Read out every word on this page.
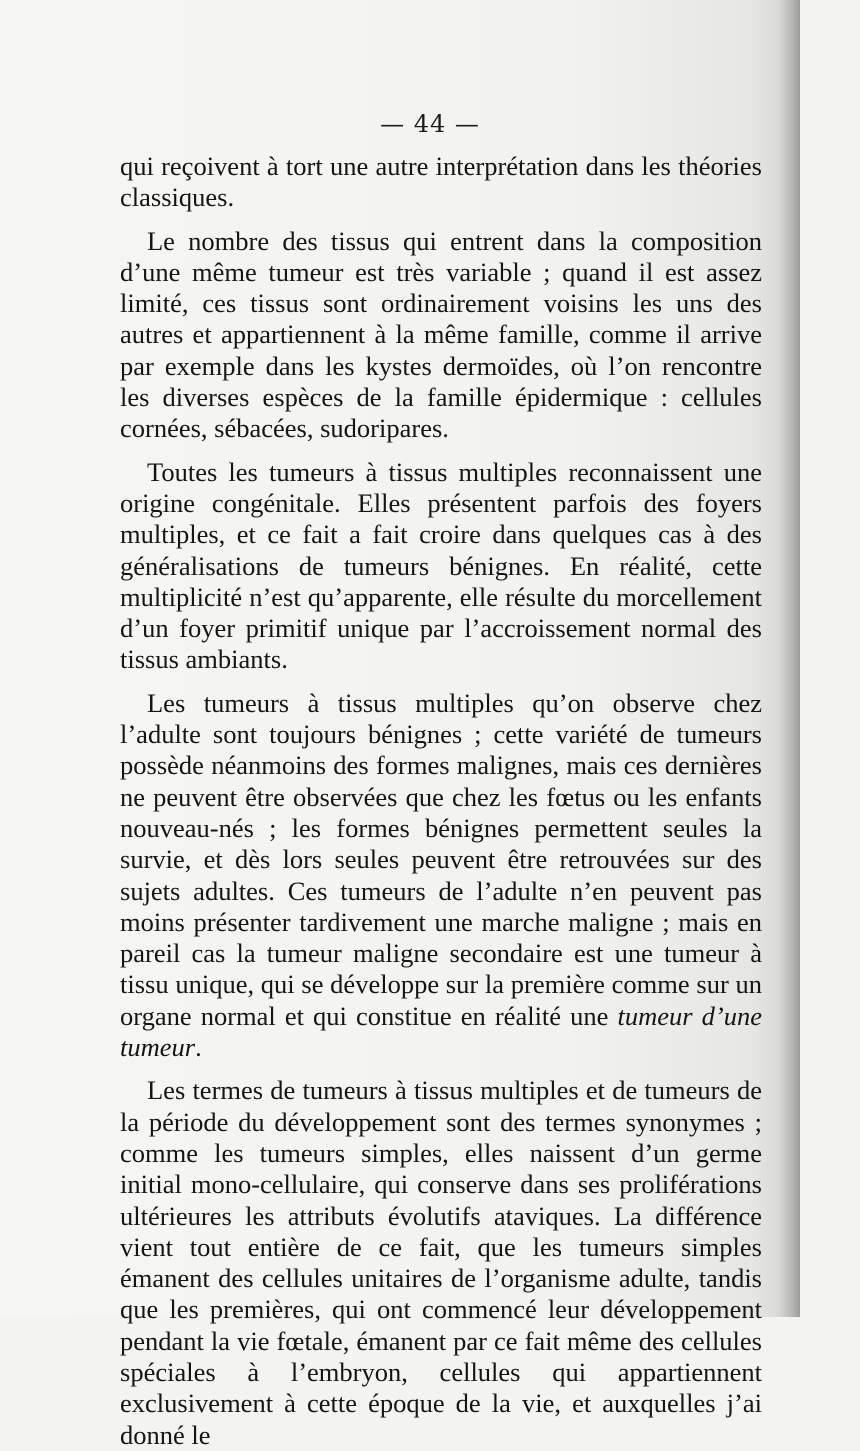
— 44 —

qui reçoivent à tort une autre interprétation dans les théories classiques.

Le nombre des tissus qui entrent dans la composition d’une même tumeur est très variable ; quand il est assez limité, ces tissus sont ordinairement voisins les uns des autres et appartiennent à la même famille, comme il arrive par exemple dans les kystes dermoïdes, où l’on rencontre les diverses espèces de la famille épidermique : cellules cornées, sébacées, sudoripares.

Toutes les tumeurs à tissus multiples reconnaissent une origine congénitale. Elles présentent parfois des foyers multiples, et ce fait a fait croire dans quelques cas à des généralisations de tumeurs bénignes. En réalité, cette multiplicité n’est qu’apparente, elle résulte du morcellement d’un foyer primitif unique par l’accroissement normal des tissus ambiants.

Les tumeurs à tissus multiples qu’on observe chez l’adulte sont toujours bénignes ; cette variété de tumeurs possède néanmoins des formes malignes, mais ces dernières ne peuvent être observées que chez les fœtus ou les enfants nouveau-nés ; les formes bénignes permettent seules la survie, et dès lors seules peuvent être retrouvées sur des sujets adultes. Ces tumeurs de l’adulte n’en peuvent pas moins présenter tardivement une marche maligne ; mais en pareil cas la tumeur maligne secondaire est une tumeur à tissu unique, qui se développe sur la première comme sur un organe normal et qui constitue en réalité une tumeur d’une tumeur.

Les termes de tumeurs à tissus multiples et de tumeurs de la période du développement sont des termes synonymes ; comme les tumeurs simples, elles naissent d’un germe initial mono-cellulaire, qui conserve dans ses proliférations ultérieures les attributs évolutifs ataviques. La différence vient tout entière de ce fait, que les tumeurs simples émanent des cellules unitaires de l’organisme adulte, tandis que les premières, qui ont commencé leur développement pendant la vie fœtale, émanent par ce fait même des cellules spéciales à l’embryon, cellules qui appartiennent exclusivement à cette époque de la vie, et auxquelles j’ai donné le
